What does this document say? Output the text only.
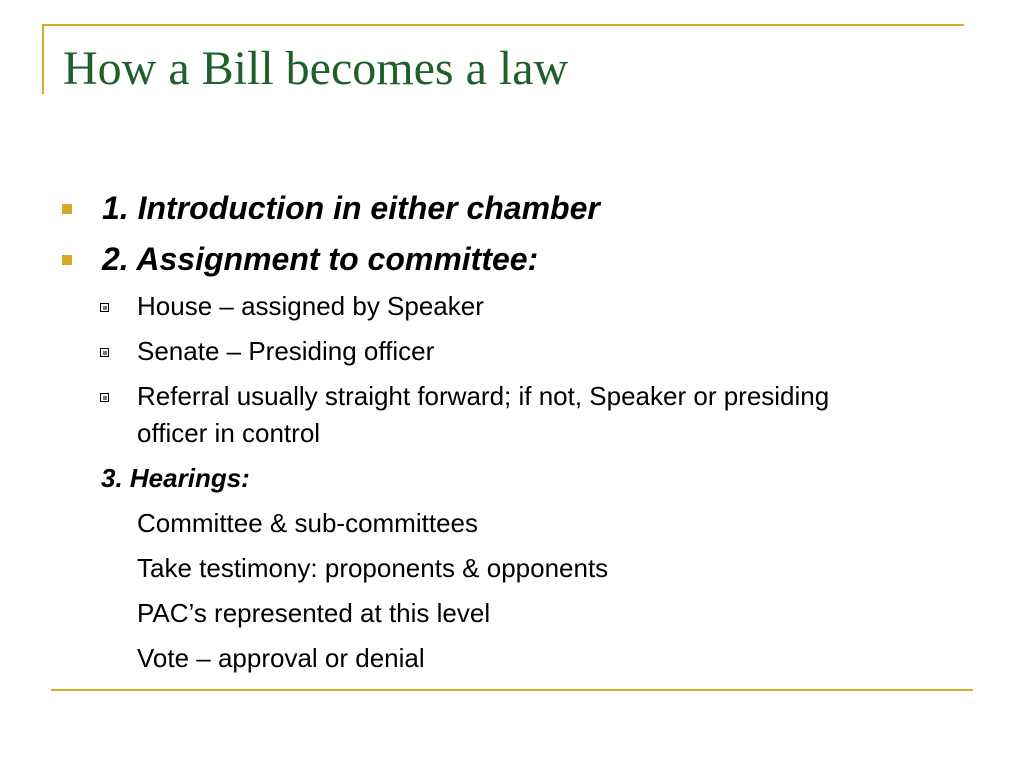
How a Bill becomes a law
1. Introduction in either chamber
2. Assignment to committee:
House – assigned by Speaker
Senate – Presiding officer
Referral usually straight forward; if not, Speaker or presiding officer in control
3. Hearings:
Committee & sub-committees
Take testimony: proponents & opponents
PAC’s represented at this level
Vote – approval or denial
